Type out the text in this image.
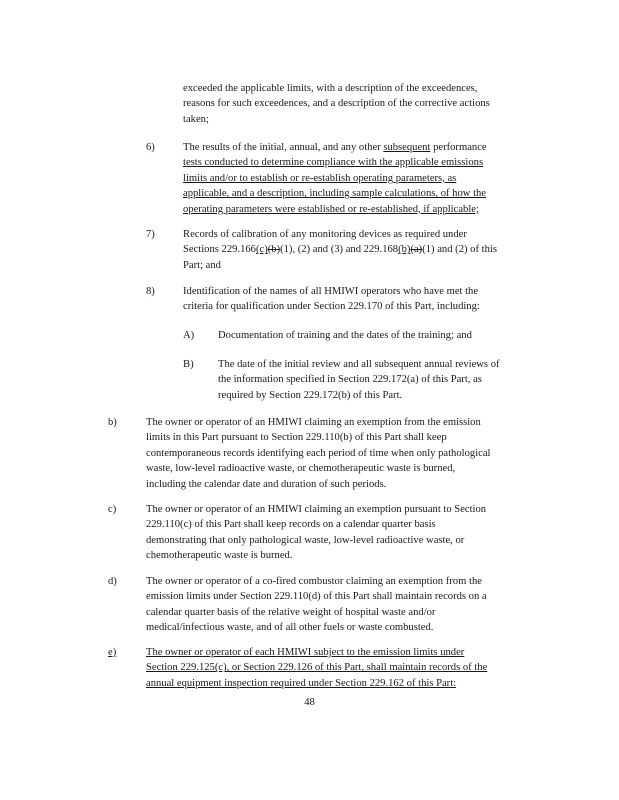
exceeded the applicable limits, with a description of the exceedences,
reasons for such exceedences, and a description of the corrective actions
taken;
6)	The results of the initial, annual, and any other subsequent performance
tests conducted to determine compliance with the applicable emissions
limits and/or to establish or re-establish operating parameters, as
applicable, and a description, including sample calculations, of how the
operating parameters were established or re-established, if applicable;
7)	Records of calibration of any monitoring devices as required under
Sections 229.166(c)(b)(1), (2) and (3) and 229.168(b)(a)(1) and (2) of this
Part; and
8)	Identification of the names of all HMIWI operators who have met the
criteria for qualification under Section 229.170 of this Part, including:
A) Documentation of training and the dates of the training; and
B) The date of the initial review and all subsequent annual reviews of
the information specified in Section 229.172(a) of this Part, as
required by Section 229.172(b) of this Part.
b)	The owner or operator of an HMIWI claiming an exemption from the emission
limits in this Part pursuant to Section 229.110(b) of this Part shall keep
contemporaneous records identifying each period of time when only pathological
waste, low-level radioactive waste, or chemotherapeutic waste is burned,
including the calendar date and duration of such periods.
c)	The owner or operator of an HMIWI claiming an exemption pursuant to Section
229.110(c) of this Part shall keep records on a calendar quarter basis
demonstrating that only pathological waste, low-level radioactive waste, or
chemotherapeutic waste is burned.
d)	The owner or operator of a co-fired combustor claiming an exemption from the
emission limits under Section 229.110(d) of this Part shall maintain records on a
calendar quarter basis of the relative weight of hospital waste and/or
medical/infectious waste, and of all other fuels or waste combusted.
e)	The owner or operator of each HMIWI subject to the emission limits under
Section 229.125(c), or Section 229.126 of this Part, shall maintain records of the
annual equipment inspection required under Section 229.162 of this Part:
48
